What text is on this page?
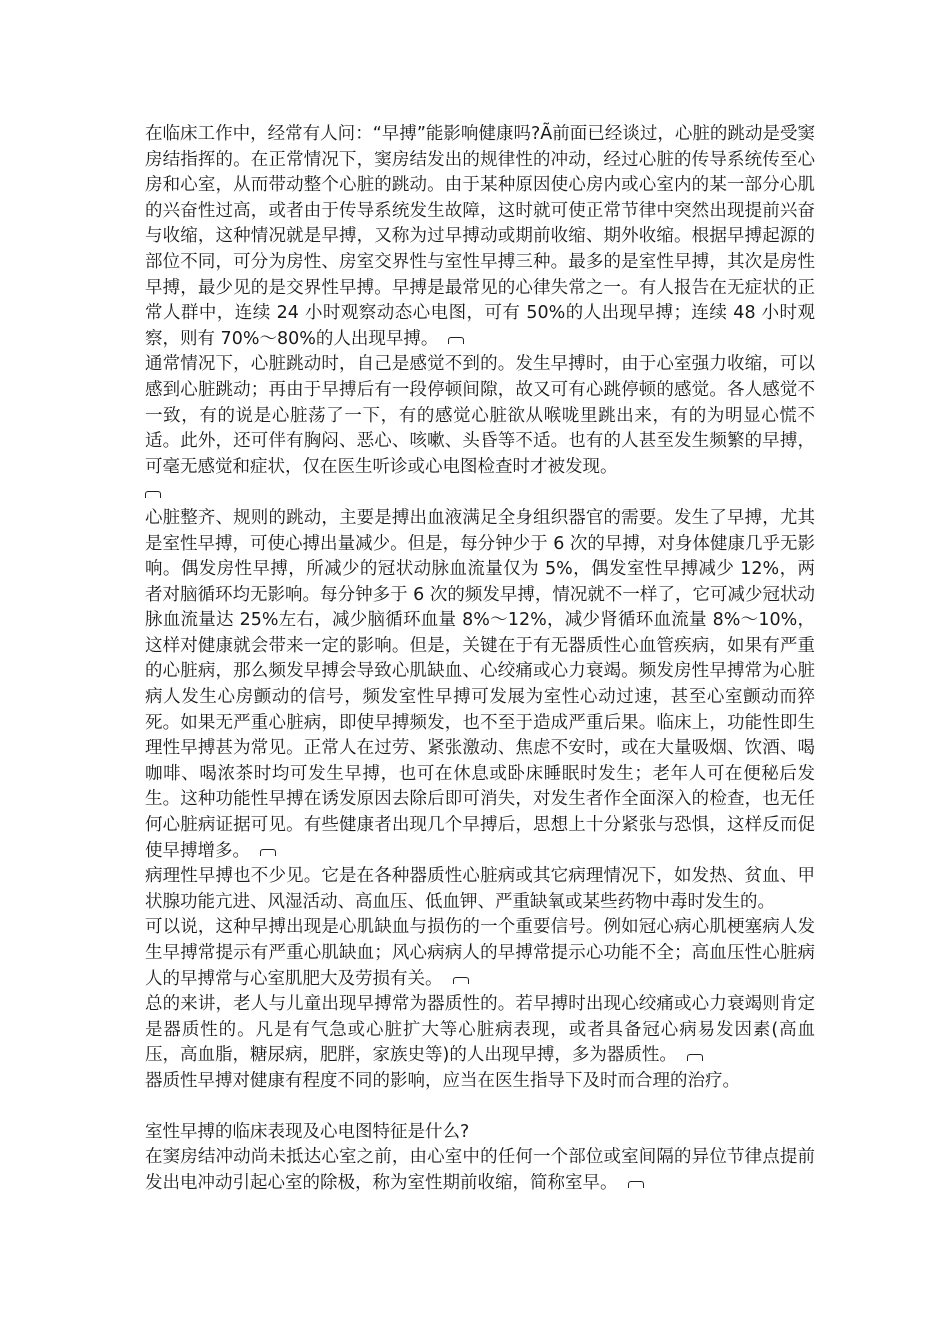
在临床工作中，经常有人问：“早搏”能影响健康吗?Ã前面已经谈过，心脏的跳动是受窦房结指挥的。在正常情况下，窦房结发出的规律性的冲动，经过心脏的传导系统传至心房和心室，从而带动整个心脏的跳动。由于某种原因使心房内或心室内的某一部分心肌的兴奋性过高，或者由于传导系统发生故障，这时就可使正常节律中突然出现提前兴奋与收缩，这种情况就是早搏，又称为过早搏动或期前收缩、期外收缩。根据早搏起源的部位不同，可分为房性、房室交界性与室性早搏三种。最多的是室性早搏，其次是房性早搏，最少见的是交界性早搏。早搏是最常见的心律失常之一。有人报告在无症状的正常人群中，连续 24 小时观察动态心电图，可有 50%的人出现早搏；连续 48 小时观察，则有 70%～80%的人出现早搏。

通常情况下，心脏跳动时，自己是感觉不到的。发生早搏时，由于心室强力收缩，可以感到心脏跳动；再由于早搏后有一段停顿间隙，故又可有心跳停顿的感觉。各人感觉不一致，有的说是心脏荡了一下，有的感觉心脏欲从喉咙里跳出来，有的为明显心慌不适。此外，还可伴有胸闷、恶心、咳嗽、头昏等不适。也有的人甚至发生频繁的早搏，可毫无感觉和症状，仅在医生听诊或心电图检查时才被发现。

心脏整齐、规则的跳动，主要是搏出血液满足全身组织器官的需要。发生了早搏，尤其是室性早搏，可使心搏出量减少。但是，每分钟少于 6 次的早搏，对身体健康几乎无影响。偶发房性早搏，所减少的冠状动脉血流量仅为 5%，偶发室性早搏减少 12%，两者对脑循环均无影响。每分钟多于 6 次的频发早搏，情况就不一样了，它可减少冠状动脉血流量达 25%左右，减少脑循环血量 8%～12%，减少肾循环血流量 8%～10%，这样对健康就会带来一定的影响。但是，关键在于有无器质性心血管疾病，如果有严重的心脏病，那么频发早搏会导致心肌缺血、心绞痛或心力衰竭。频发房性早搏常为心脏病人发生心房颤动的信号，频发室性早搏可发展为室性心动过速，甚至心室颤动而猝死。如果无严重心脏病，即使早搏频发，也不至于造成严重后果。临床上，功能性即生理性早搏甚为常见。正常人在过劳、紧张激动、焦虑不安时，或在大量吸烟、饮酒、喝咖啡、喝浓茶时均可发生早搏，也可在休息或卧床睡眠时发生；老年人可在便秘后发生。这种功能性早搏在诱发原因去除后即可消失，对发生者作全面深入的检查，也无任何心脏病证据可见。有些健康者出现几个早搏后，思想上十分紧张与恐惧，这样反而促使早搏增多。

病理性早搏也不少见。它是在各种器质性心脏病或其它病理情况下，如发热、贫血、甲状腺功能亢进、风湿活动、高血压、低血钾、严重缺氧或某些药物中毒时发生的。

可以说，这种早搏出现是心肌缺血与损伤的一个重要信号。例如冠心病心肌梗塞病人发生早搏常提示有严重心肌缺血；风心病病人的早搏常提示心功能不全；高血压性心脏病人的早搏常与心室肌肥大及劳损有关。

总的来讲，老人与儿童出现早搏常为器质性的。若早搏时出现心绞痛或心力衰竭则肯定是器质性的。凡是有气急或心脏扩大等心脏病表现，或者具备冠心病易发因素(高血压，高血脂，糖尿病，肥胖，家族史等)的人出现早搏，多为器质性。

器质性早搏对健康有程度不同的影响，应当在医生指导下及时而合理的治疗。

室性早搏的临床表现及心电图特征是什么?

在窦房结冲动尚未抵达心室之前，由心室中的任何一个部位或室间隔的异位节律点提前发出电冲动引起心室的除极，称为室性期前收缩，简称室早。
